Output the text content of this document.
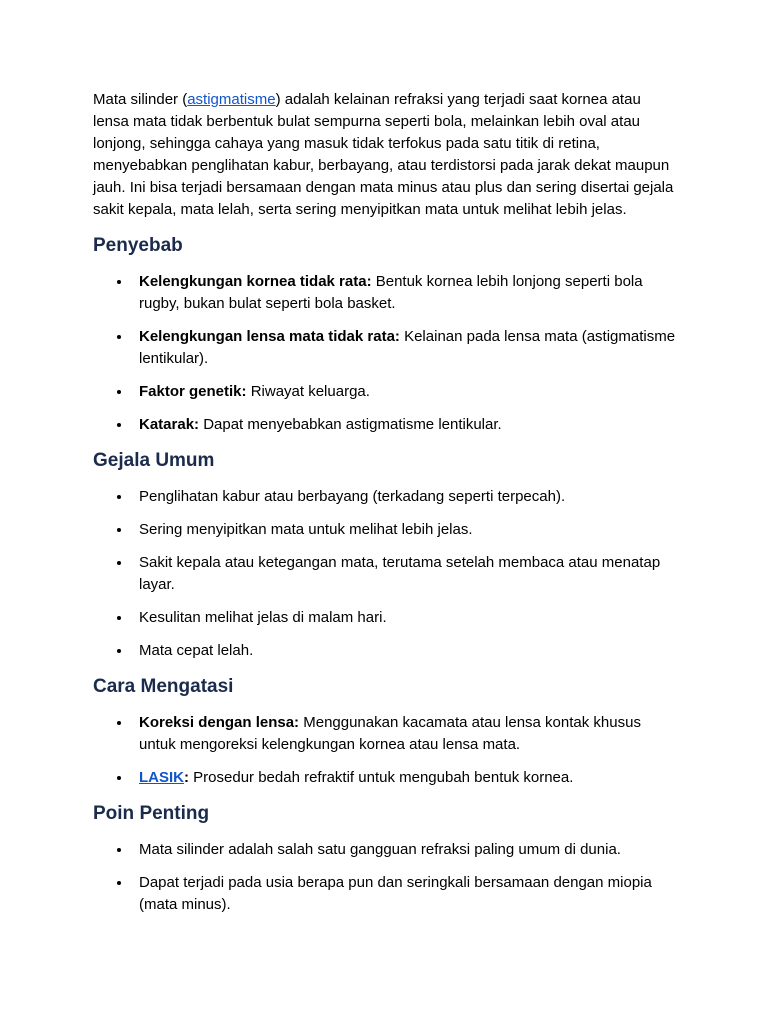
Mata silinder (astigmatisme) adalah kelainan refraksi yang terjadi saat kornea atau lensa mata tidak berbentuk bulat sempurna seperti bola, melainkan lebih oval atau lonjong, sehingga cahaya yang masuk tidak terfokus pada satu titik di retina, menyebabkan penglihatan kabur, berbayang, atau terdistorsi pada jarak dekat maupun jauh. Ini bisa terjadi bersamaan dengan mata minus atau plus dan sering disertai gejala sakit kepala, mata lelah, serta sering menyipitkan mata untuk melihat lebih jelas.

Penyebab
Kelengkungan kornea tidak rata: Bentuk kornea lebih lonjong seperti bola rugby, bukan bulat seperti bola basket.
Kelengkungan lensa mata tidak rata: Kelainan pada lensa mata (astigmatisme lentikular).
Faktor genetik: Riwayat keluarga.
Katarak: Dapat menyebabkan astigmatisme lentikular.
Gejala Umum
Penglihatan kabur atau berbayang (terkadang seperti terpecah).
Sering menyipitkan mata untuk melihat lebih jelas.
Sakit kepala atau ketegangan mata, terutama setelah membaca atau menatap layar.
Kesulitan melihat jelas di malam hari.
Mata cepat lelah.
Cara Mengatasi
Koreksi dengan lensa: Menggunakan kacamata atau lensa kontak khusus untuk mengoreksi kelengkungan kornea atau lensa mata.
LASIK: Prosedur bedah refraktif untuk mengubah bentuk kornea.
Poin Penting
Mata silinder adalah salah satu gangguan refraksi paling umum di dunia.
Dapat terjadi pada usia berapa pun dan seringkali bersamaan dengan miopia (mata minus).
